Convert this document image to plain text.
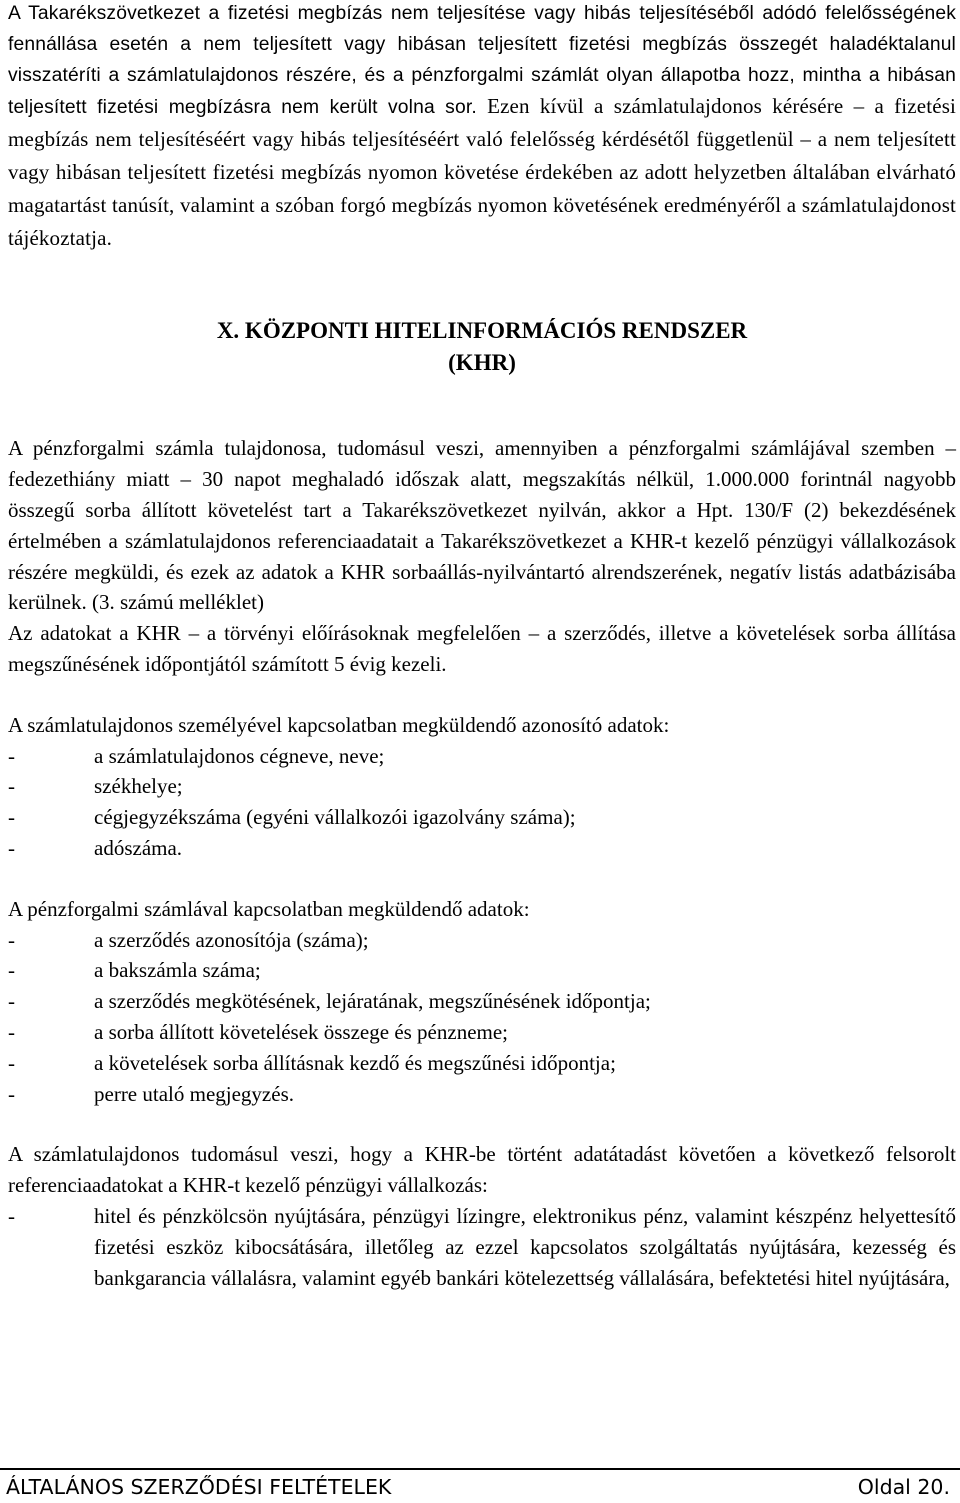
A Takarékszövetkezet a fizetési megbízás nem teljesítése vagy hibás teljesítéséből adódó felelősségének fennállása esetén a nem teljesített vagy hibásan teljesített fizetési megbízás összegét haladéktalanul visszatéríti a számlatulajdonos részére, és a pénzforgalmi számlát olyan állapotba hozz, mintha a hibásan teljesített fizetési megbízásra nem került volna sor. Ezen kívül a számlatulajdonos kérésére – a fizetési megbízás nem teljesítéséért vagy hibás teljesítéséért való felelősség kérdésétől függetlenül – a nem teljesített vagy hibásan teljesített fizetési megbízás nyomon követése érdekében az adott helyzetben általában elvárható magatartást tanúsít, valamint a szóban forgó megbízás nyomon követésének eredményéről a számlatulajdonost tájékoztatja.

X. KÖZPONTI HITELINFORMÁCIÓS RENDSZER
(KHR)

A pénzforgalmi számla tulajdonosa, tudomásul veszi, amennyiben a pénzforgalmi számlájával szemben – fedezethiány miatt – 30 napot meghaladó időszak alatt, megszakítás nélkül, 1.000.000 forintnál nagyobb összegű sorba állított követelést tart a Takarékszövetkezet nyilván, akkor a Hpt. 130/F (2) bekezdésének értelmében a számlatulajdonos referenciaadatait a Takarékszövetkezet a KHR-t kezelő pénzügyi vállalkozások részére megküldi, és ezek az adatok a KHR sorbaállás-nyilvántartó alrendszerének, negatív listás adatbázisába kerülnek. (3. számú melléklet)

Az adatokat a KHR – a törvényi előírásoknak megfelelően – a szerződés, illetve a követelések sorba állítása megszűnésének időpontjától számított 5 évig kezeli.

A számlatulajdonos személyével kapcsolatban megküldendő azonosító adatok:

-	a számlatulajdonos cégneve, neve;
-	székhelye;
-	cégjegyzékszáma (egyéni vállalkozói igazolvány száma);
-	adószáma.

A pénzforgalmi számlával kapcsolatban megküldendő adatok:

-	a szerződés azonosítója (száma);
-	a bakszámla száma;
-	a szerződés megkötésének, lejáratának, megszűnésének időpontja;
-	a sorba állított követelések összege és pénzneme;
-	a követelések sorba állításnak kezdő és megszűnési időpontja;
-	perre utaló megjegyzés.

A számlatulajdonos tudomásul veszi, hogy a KHR-be történt adatátadást követően a következő felsorolt referenciaadatokat a KHR-t kezelő pénzügyi vállalkozás:

-	hitel és pénzkölcsön nyújtására, pénzügyi lízingre, elektronikus pénz, valamint készpénz helyettesítő fizetési eszköz kibocsátására, illetőleg az ezzel kapcsolatos szolgáltatás nyújtására, kezesség és bankgarancia vállalásra, valamint egyéb bankári kötelezettség vállalására, befektetési hitel nyújtására,
ÁLTALÁNOS SZERZŐDÉSI FELTÉTELEK	Oldal 20.
